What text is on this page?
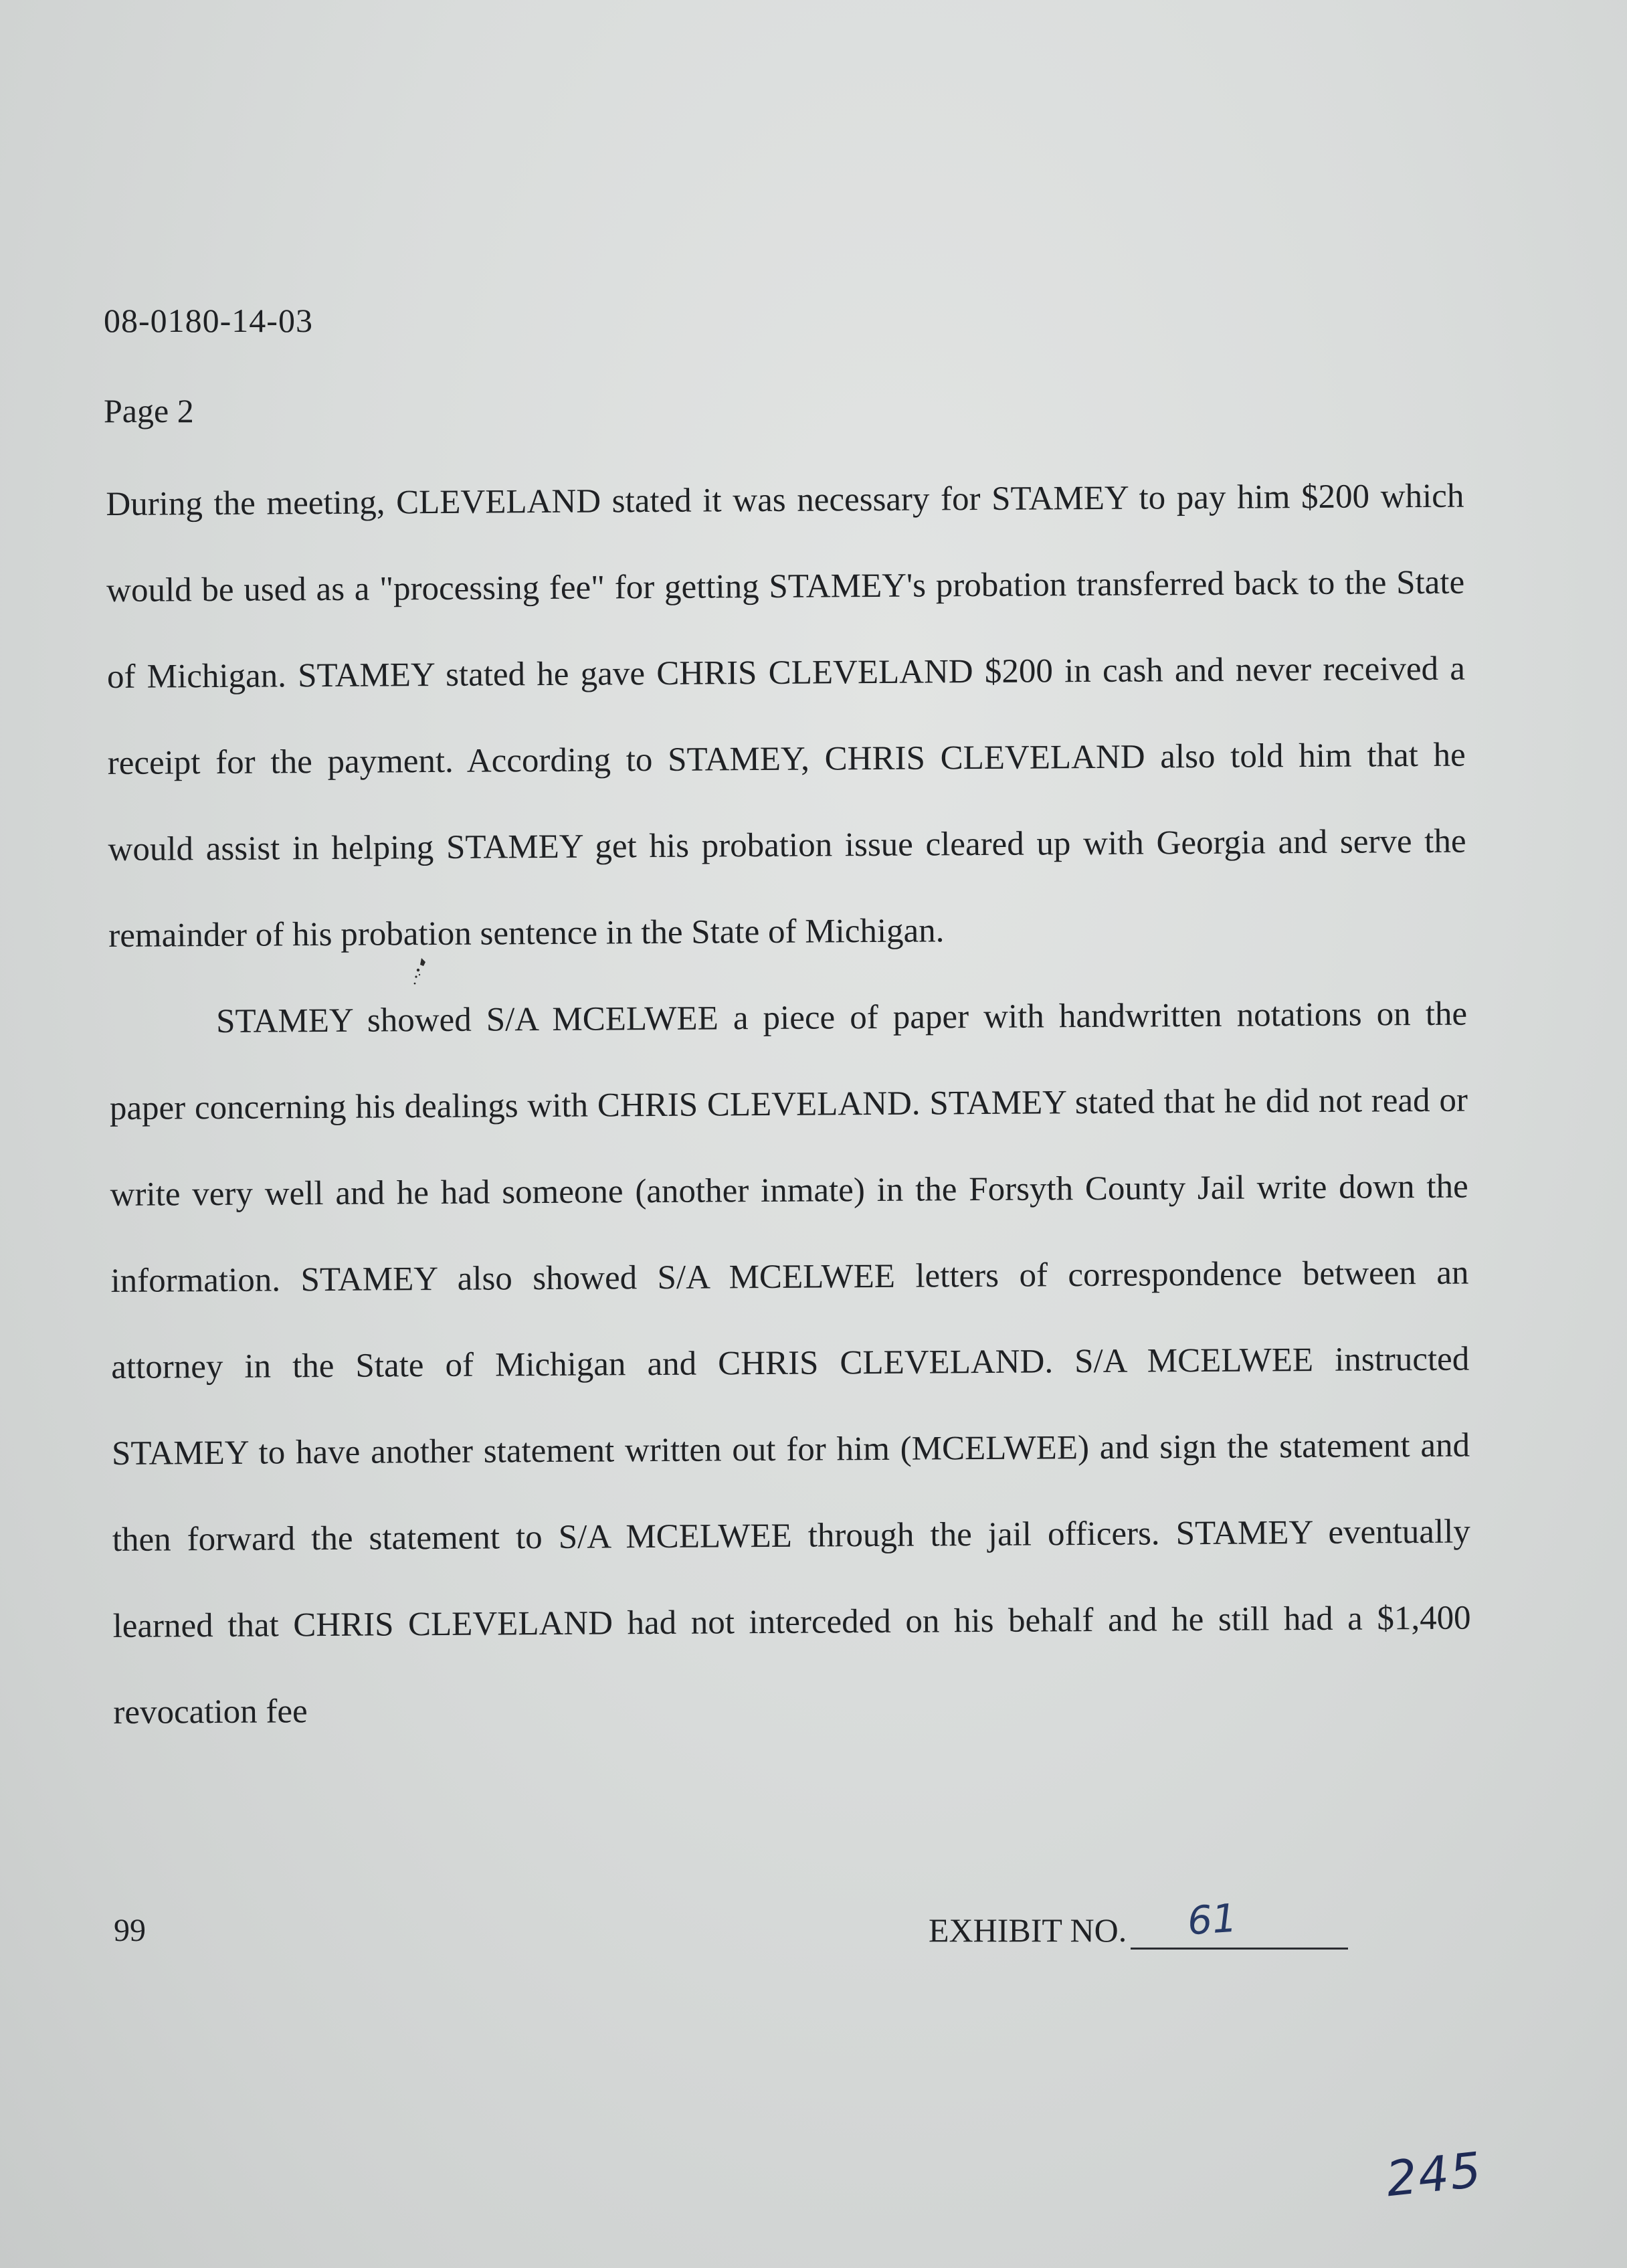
08-0180-14-03
Page 2

During the meeting, CLEVELAND stated it was necessary for STAMEY to pay him $200 which would be used as a "processing fee" for getting STAMEY's probation transferred back to the State of Michigan. STAMEY stated he gave CHRIS CLEVELAND $200 in cash and never received a receipt for the payment. According to STAMEY, CHRIS CLEVELAND also told him that he would assist in helping STAMEY get his probation issue cleared up with Georgia and serve the remainder of his probation sentence in the State of Michigan.

STAMEY showed S/A MCELWEE a piece of paper with handwritten notations on the paper concerning his dealings with CHRIS CLEVELAND. STAMEY stated that he did not read or write very well and he had someone (another inmate) in the Forsyth County Jail write down the information. STAMEY also showed S/A MCELWEE letters of correspondence between an attorney in the State of Michigan and CHRIS CLEVELAND. S/A MCELWEE instructed STAMEY to have another statement written out for him (MCELWEE) and sign the statement and then forward the statement to S/A MCELWEE through the jail officers. STAMEY eventually learned that CHRIS CLEVELAND had not interceded on his behalf and he still had a $1,400 revocation fee

99	EXHIBIT NO. 61
245
